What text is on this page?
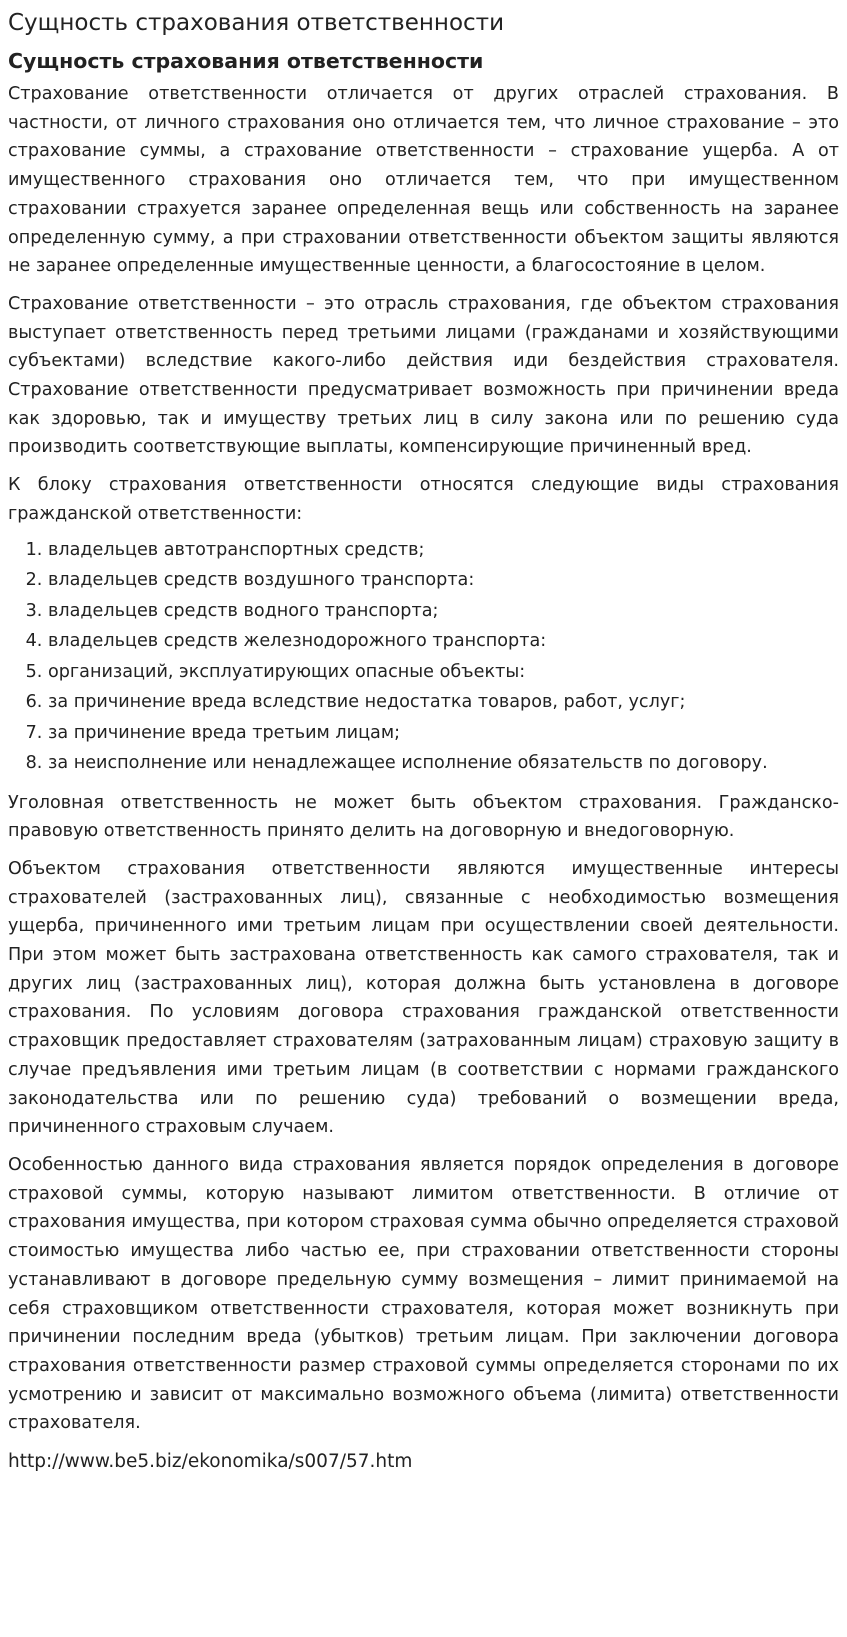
Сущность страхования ответственности
Сущность страхования ответственности

Страхование ответственности отличается от других отраслей страхования. В частности, от личного страхования оно отличается тем, что личное страхование – это страхование суммы, а страхование ответственности – страхование ущерба. А от имущественного страхования оно отличается тем, что при имущественном страховании страхуется заранее определенная вещь или собственность на заранее определенную сумму, а при страховании ответственности объектом защиты являются не заранее определенные имущественные ценности, а благосостояние в целом.

Страхование ответственности – это отрасль страхования, где объектом страхования выступает ответственность перед третьими лицами (гражданами и хозяйствующими субъектами) вследствие какого-либо действия иди бездействия страхователя. Страхование ответственности предусматривает возможность при причинении вреда как здоровью, так и имуществу третьих лиц в силу закона или по решению суда производить соответствующие выплаты, компенсирующие причиненный вред.

К блоку страхования ответственности относятся следующие виды страхования гражданской ответственности:

1. владельцев автотранспортных средств;
2. владельцев средств воздушного транспорта:
3. владельцев средств водного транспорта;
4. владельцев средств железнодорожного транспорта:
5. организаций, эксплуатирующих опасные объекты:
6. за причинение вреда вследствие недостатка товаров, работ, услуг;
7. за причинение вреда третьим лицам;
8. за неисполнение или ненадлежащее исполнение обязательств по договору.

Уголовная ответственность не может быть объектом страхования. Гражданско-правовую ответственность принято делить на договорную и внедоговорную.

Объектом страхования ответственности являются имущественные интересы страхователей (застрахованных лиц), связанные с необходимостью возмещения ущерба, причиненного ими третьим лицам при осуществлении своей деятельности. При этом может быть застрахована ответственность как самого страхователя, так и других лиц (застрахованных лиц), которая должна быть установлена в договоре страхования. По условиям договора страхования гражданской ответственности страховщик предоставляет страхователям (затрахованным лицам) страховую защиту в случае предъявления ими третьим лицам (в соответствии с нормами гражданского законодательства или по решению суда) требований о возмещении вреда, причиненного страховым случаем.

Особенностью данного вида страхования является порядок определения в договоре страховой суммы, которую называют лимитом ответственности. В отличие от страхования имущества, при котором страховая сумма обычно определяется страховой стоимостью имущества либо частью ее, при страховании ответственности стороны устанавливают в договоре предельную сумму возмещения – лимит принимаемой на себя страховщиком ответственности страхователя, которая может возникнуть при причинении последним вреда (убытков) третьим лицам. При заключении договора страхования ответственности размер страховой суммы определяется сторонами по их усмотрению и зависит от максимально возможного объема (лимита) ответственности страхователя.

http://www.be5.biz/ekonomika/s007/57.htm
